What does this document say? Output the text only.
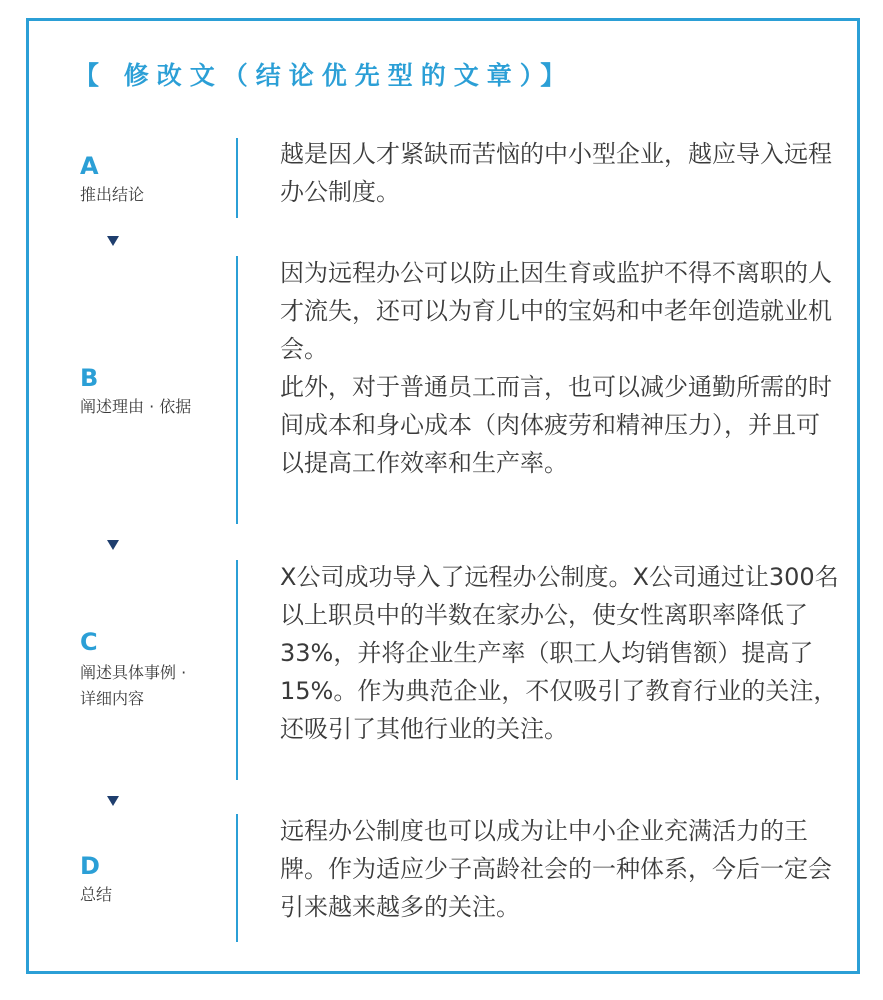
【 修改文（结论优先型的文章）】
A
推出结论

越是因人才紧缺而苦恼的中小型企业，越应导入远程办公制度。

B
阐述理由 · 依据

因为远程办公可以防止因生育或监护不得不离职的人才流失，还可以为育儿中的宝妈和中老年创造就业机会。

此外，对于普通员工而言，也可以减少通勤所需的时间成本和身心成本（肉体疲劳和精神压力），并且可以提高工作效率和生产率。

C
阐述具体事例 ·
详细内容

X公司成功导入了远程办公制度。X公司通过让300名以上职员中的半数在家办公，使女性离职率降低了33%，并将企业生产率（职工人均销售额）提高了15%。作为典范企业，不仅吸引了教育行业的关注，还吸引了其他行业的关注。

D
总结

远程办公制度也可以成为让中小企业充满活力的王牌。作为适应少子高龄社会的一种体系，今后一定会引来越来越多的关注。
